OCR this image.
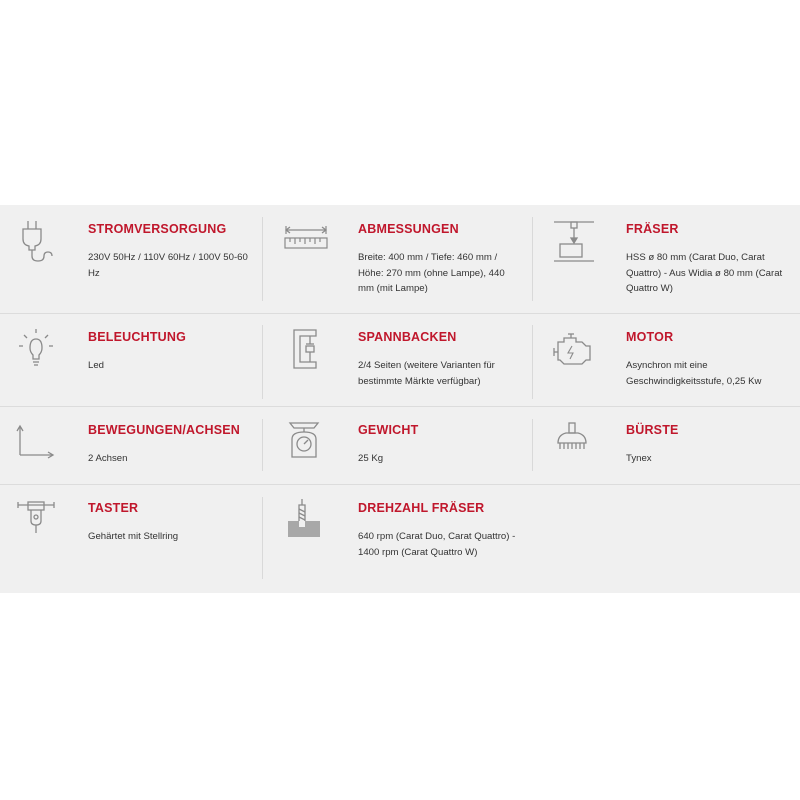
STROMVERSORGUNG
230V 50Hz / 110V 60Hz / 100V 50-60 Hz
ABMESSUNGEN
Breite: 400 mm / Tiefe: 460 mm / Höhe: 270 mm (ohne Lampe), 440 mm (mit Lampe)
FRÄSER
HSS ø 80 mm (Carat Duo, Carat Quattro) - Aus Widia ø 80 mm (Carat Quattro W)
BELEUCHTUNG
Led
SPANNBACKEN
2/4 Seiten (weitere Varianten für bestimmte Märkte verfügbar)
MOTOR
Asynchron mit eine Geschwindigkeitsstufe, 0,25 Kw
BEWEGUNGEN/ACHSEN
2 Achsen
GEWICHT
25 Kg
BÜRSTE
Tynex
TASTER
Gehärtet mit Stellring
DREHZAHL FRÄSER
640 rpm (Carat Duo, Carat Quattro) - 1400 rpm (Carat Quattro W)
